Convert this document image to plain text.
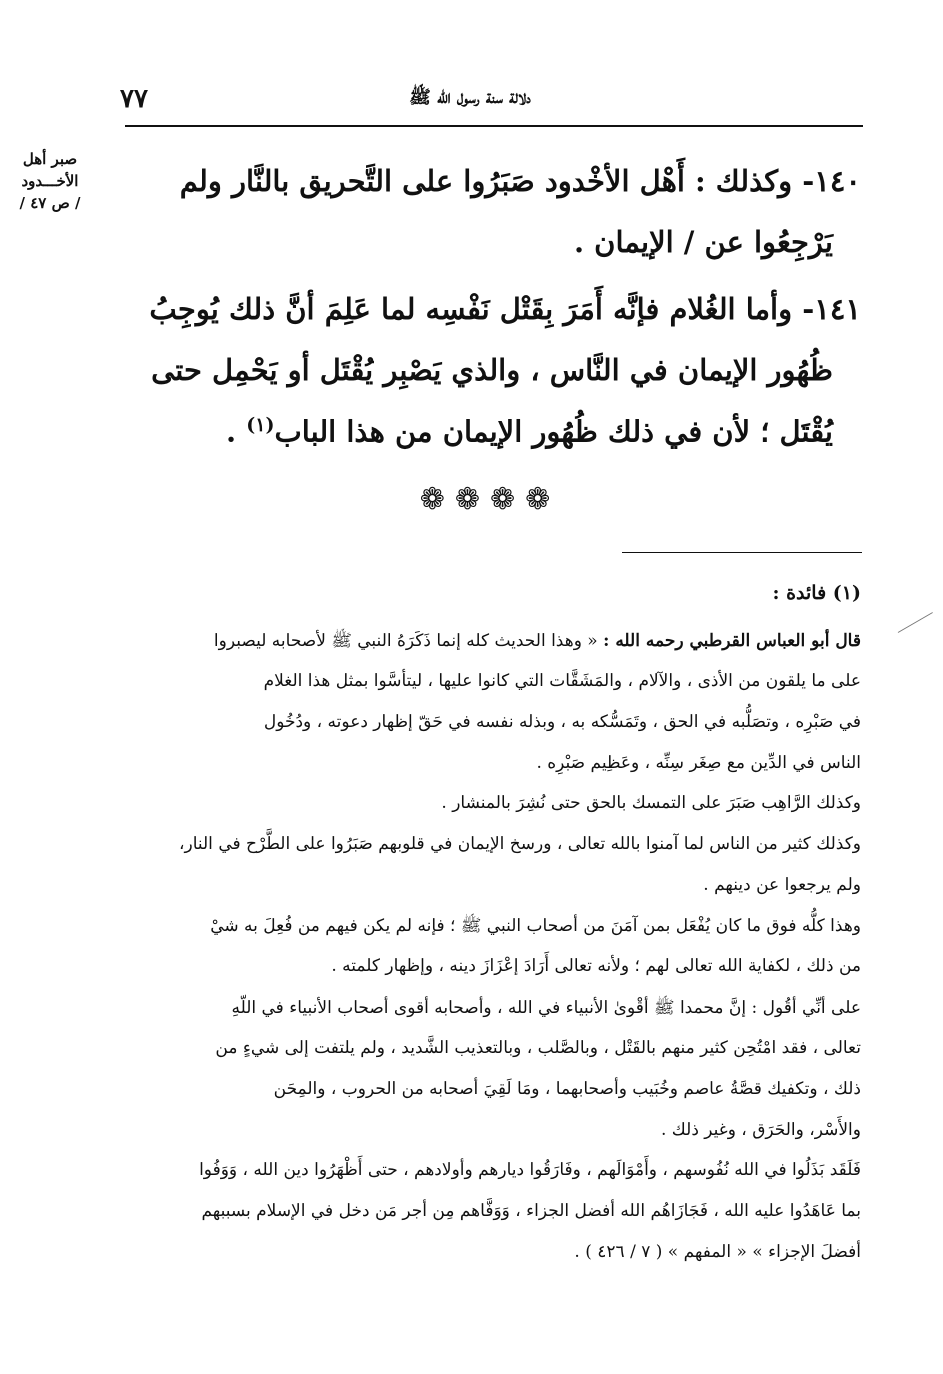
دلالة سنة رسول الله ﷺ
٧٧
صبر أهل
الأخـــدود
/ ص ٤٧ /
١٤٠- وكذلك : أَهْل الأخْدود صَبَرُوا على التَّحريق بالنَّار ولم
يَرْجِعُوا عن / الإيمان .
١٤١- وأما الغُلام فإنَّه أَمَرَ بِقَتْل نَفْسِه لما عَلِمَ أنَّ ذلك يُوجِبُ
ظُهُور الإيمان في النَّاس ، والذي يَصْبِر يُقْتَل أو يَحْمِل حتى
يُقْتَل ؛ لأن في ذلك ظُهُور الإيمان من هذا الباب$^{(١)}$ .
❁❁❁❁
(١) فائدة :
قال أبو العباس القرطبي رحمه الله : « وهذا الحديث كله إنما ذَكَرَهُ النبي ﷺ لأصحابه ليصبروا
على ما يلقون من الأذى ، والآلام ، والمَشَقَّات التي كانوا عليها ، ليتأسَّوا بمثل هذا الغلام
في صَبْرِه ، وتصَلُّبه في الحق ، وتَمَسُّكه به ، وبذله نفسه في حَقّ إظهار دعوته ، ودُخُول
الناس في الدِّين مع صِغَر سِنِّه ، وعَظِيم صَبْرِه .
وكذلك الرَّاهِب صَبَرَ على التمسك بالحق حتى نُشِرَ بالمنشار .
وكذلك كثير من الناس لما آمنوا بالله تعالى ، ورسخ الإيمان في قلوبهم صَبَرُوا على الطَّرْح في النار،
ولم يرجعوا عن دينهم .
وهذا كلُّه فوق ما كان يُفْعَل بمن آمَنَ من أصحاب النبي ﷺ ؛ فإنه لم يكن فيهم من فُعِلَ به شيْ
من ذلك ، لكفاية الله تعالى لهم ؛ ولأنه تعالى أَرَادَ إعْزَازَ دينه ، وإظهار كلمته .
على أنِّي أقُول : إنَّ محمدا ﷺ أقْوىٰ الأنبياء في الله ، وأصحابه أقوى أصحاب الأنبياء في اللّهِ
تعالى ، فقد امْتُحِن كثير منهم بالقَتْل ، وبالصَّلب ، وبالتعذيب الشَّديد ، ولم يلتفت إلى شيءٍ من
ذلك ، وتكفيك قصَّةُ عاصم وخُبَيب وأصحابهما ، ومَا لَقِيَ أصحابه من الحروب ، والمِحَن
والأَسْر، والحَرَق ، وغير ذلك .
فَلَقَد بَذَلُوا في الله نُفُوسهم ، وأَمْوَالَهم ، وفَارَقُوا ديارهم وأولادهم ، حتى أَظْهَرُوا دين الله ، وَوَفُوا
بما عَاهَدُوا عليه الله ، فَجَازَاهُم الله أفضل الجزاء ، وَوَفَّاهم مِن أجر مَن دخل في الإسلام بسببهم
أفضلَ الإجزاء » « المفهم » ( ٧ / ٤٢٦ ) .
